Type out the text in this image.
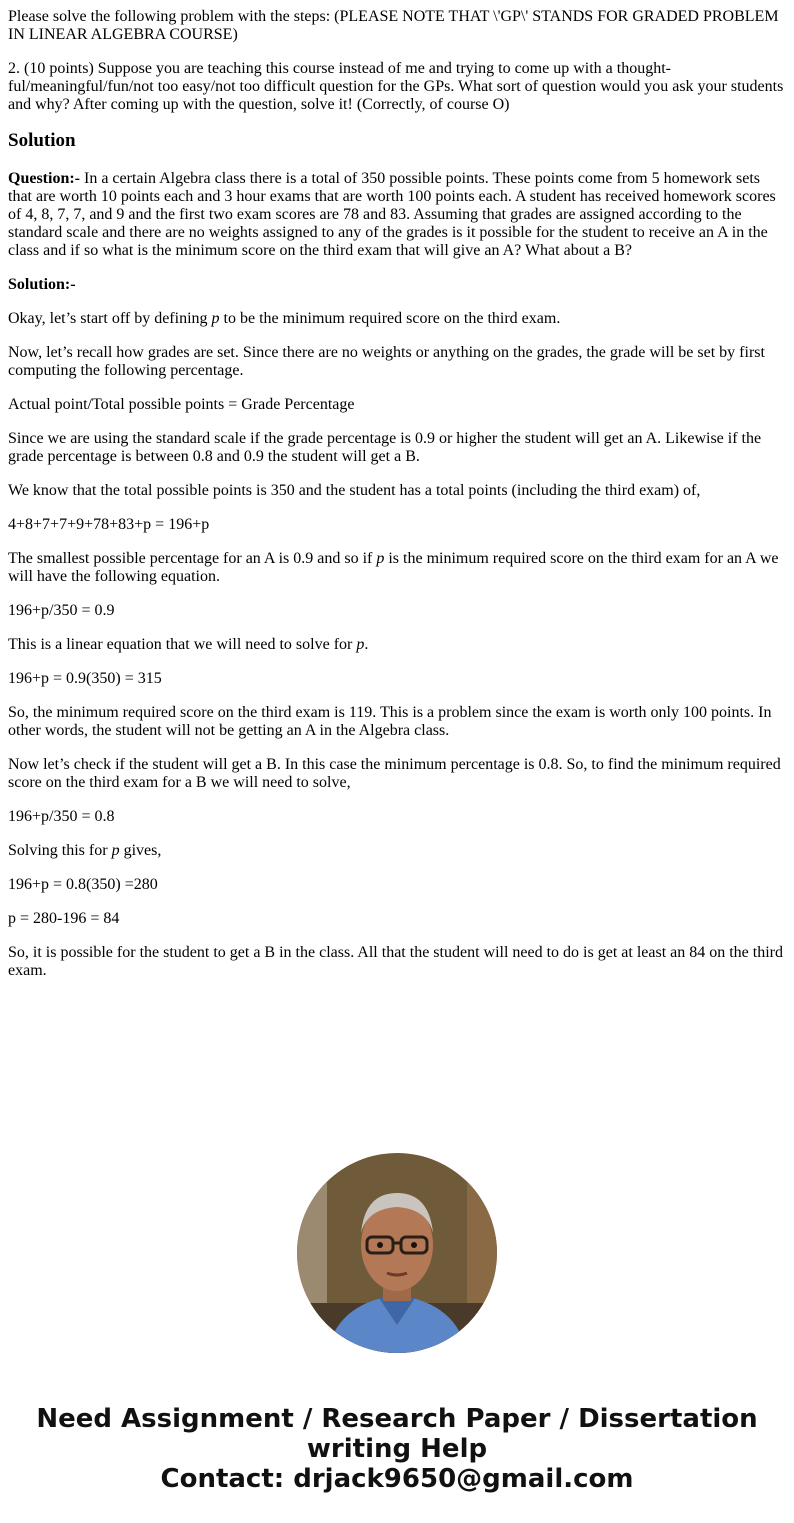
Please solve the following problem with the steps: (PLEASE NOTE THAT \'GP\' STANDS FOR GRADED PROBLEM IN LINEAR ALGEBRA COURSE)

2. (10 points) Suppose you are teaching this course instead of me and trying to come up with a thought-ful/meaningful/fun/not too easy/not too difficult question for the GPs. What sort of question would you ask your students and why? After coming up with the question, solve it! (Correctly, of course O)

Solution

Question:- In a certain Algebra class there is a total of 350 possible points. These points come from 5 homework sets that are worth 10 points each and 3 hour exams that are worth 100 points each. A student has received homework scores of 4, 8, 7, 7, and 9 and the first two exam scores are 78 and 83. Assuming that grades are assigned according to the standard scale and there are no weights assigned to any of the grades is it possible for the student to receive an A in the class and if so what is the minimum score on the third exam that will give an A? What about a B?

Solution:-

Okay, let’s start off by defining p to be the minimum required score on the third exam.

Now, let’s recall how grades are set. Since there are no weights or anything on the grades, the grade will be set by first computing the following percentage.

Actual point/Total possible points = Grade Percentage

Since we are using the standard scale if the grade percentage is 0.9 or higher the student will get an A. Likewise if the grade percentage is between 0.8 and 0.9 the student will get a B.

We know that the total possible points is 350 and the student has a total points (including the third exam) of,

4+8+7+7+9+78+83+p = 196+p

The smallest possible percentage for an A is 0.9 and so if p is the minimum required score on the third exam for an A we will have the following equation.

196+p/350 = 0.9

This is a linear equation that we will need to solve for p.

196+p = 0.9(350) = 315

So, the minimum required score on the third exam is 119. This is a problem since the exam is worth only 100 points. In other words, the student will not be getting an A in the Algebra class.

Now let’s check if the student will get a B. In this case the minimum percentage is 0.8. So, to find the minimum required score on the third exam for a B we will need to solve,

196+p/350 = 0.8

Solving this for p gives,

196+p = 0.8(350) =280

p = 280-196 = 84

So, it is possible for the student to get a B in the class. All that the student will need to do is get at least an 84 on the third exam.

Need Assignment / Research Paper / Dissertation
writing Help
Contact: drjack9650@gmail.com
